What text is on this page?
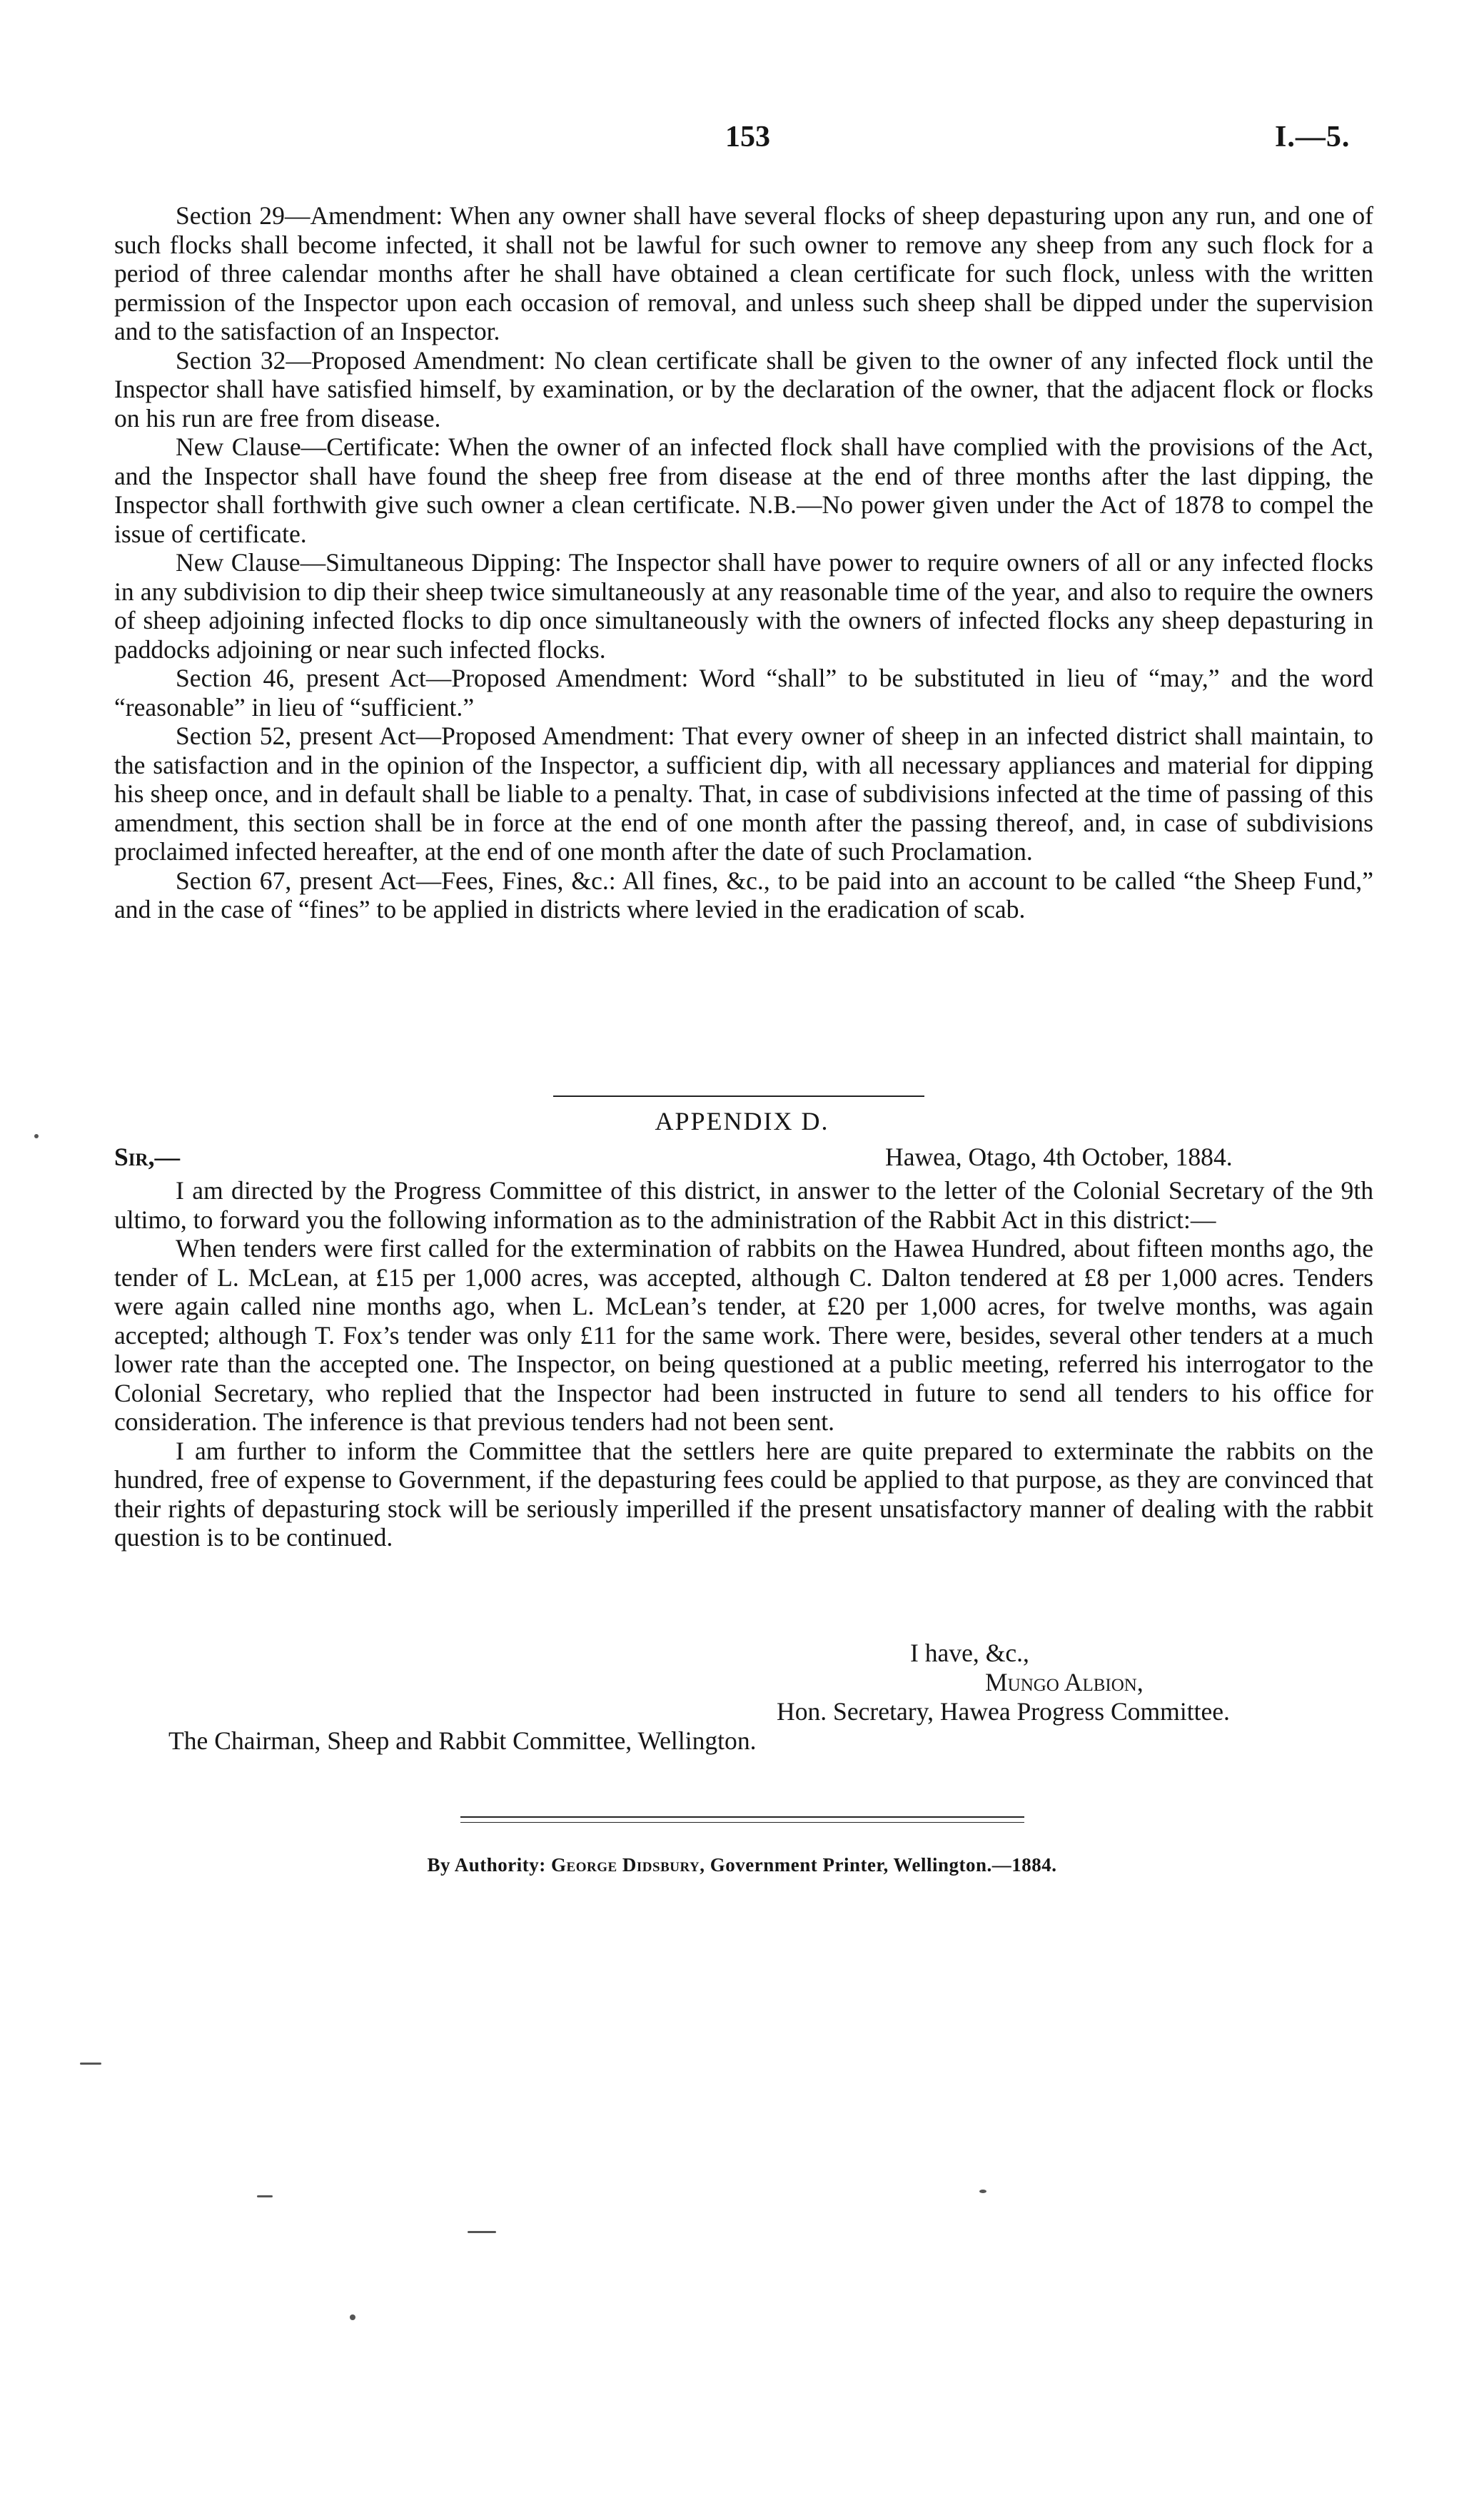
153	I.—5.

Section 29—Amendment: When any owner shall have several flocks of sheep depasturing upon any run, and one of such flocks shall become infected, it shall not be lawful for such owner to remove any sheep from any such flock for a period of three calendar months after he shall have obtained a clean certificate for such flock, unless with the written permission of the Inspector upon each occasion of removal, and unless such sheep shall be dipped under the supervision and to the satisfaction of an Inspector.

Section 32—Proposed Amendment: No clean certificate shall be given to the owner of any infected flock until the Inspector shall have satisfied himself, by examination, or by the declaration of the owner, that the adjacent flock or flocks on his run are free from disease.

New Clause—Certificate: When the owner of an infected flock shall have complied with the provisions of the Act, and the Inspector shall have found the sheep free from disease at the end of three months after the last dipping, the Inspector shall forthwith give such owner a clean certificate. N.B.—No power given under the Act of 1878 to compel the issue of certificate.

New Clause—Simultaneous Dipping: The Inspector shall have power to require owners of all or any infected flocks in any subdivision to dip their sheep twice simultaneously at any reasonable time of the year, and also to require the owners of sheep adjoining infected flocks to dip once simultaneously with the owners of infected flocks any sheep depasturing in paddocks adjoining or near such infected flocks.

Section 46, present Act—Proposed Amendment: Word “shall” to be substituted in lieu of “may,” and the word “reasonable” in lieu of “sufficient.”

Section 52, present Act—Proposed Amendment: That every owner of sheep in an infected district shall maintain, to the satisfaction and in the opinion of the Inspector, a sufficient dip, with all necessary appliances and material for dipping his sheep once, and in default shall be liable to a penalty. That, in case of subdivisions infected at the time of passing of this amendment, this section shall be in force at the end of one month after the passing thereof, and, in case of subdivisions proclaimed infected hereafter, at the end of one month after the date of such Proclamation.

Section 67, present Act—Fees, Fines, &c.: All fines, &c., to be paid into an account to be called “the Sheep Fund,” and in the case of “fines” to be applied in districts where levied in the eradication of scab.

APPENDIX D.
Sir,—	Hawea, Otago, 4th October, 1884.

I am directed by the Progress Committee of this district, in answer to the letter of the Colonial Secretary of the 9th ultimo, to forward you the following information as to the administration of the Rabbit Act in this district:—

When tenders were first called for the extermination of rabbits on the Hawea Hundred, about fifteen months ago, the tender of L. McLean, at £15 per 1,000 acres, was accepted, although C. Dalton tendered at £8 per 1,000 acres. Tenders were again called nine months ago, when L. McLean’s tender, at £20 per 1,000 acres, for twelve months, was again accepted; although T. Fox’s tender was only £11 for the same work. There were, besides, several other tenders at a much lower rate than the accepted one. The Inspector, on being questioned at a public meeting, referred his interrogator to the Colonial Secretary, who replied that the Inspector had been instructed in future to send all tenders to his office for consideration. The inference is that previous tenders had not been sent.

I am further to inform the Committee that the settlers here are quite prepared to exterminate the rabbits on the hundred, free of expense to Government, if the depasturing fees could be applied to that purpose, as they are convinced that their rights of depasturing stock will be seriously imperilled if the present unsatisfactory manner of dealing with the rabbit question is to be continued.

I have, &c.,
Mungo Albion,
Hon. Secretary, Hawea Progress Committee.
The Chairman, Sheep and Rabbit Committee, Wellington.
By Authority: George Didsbury, Government Printer, Wellington.—1884.
